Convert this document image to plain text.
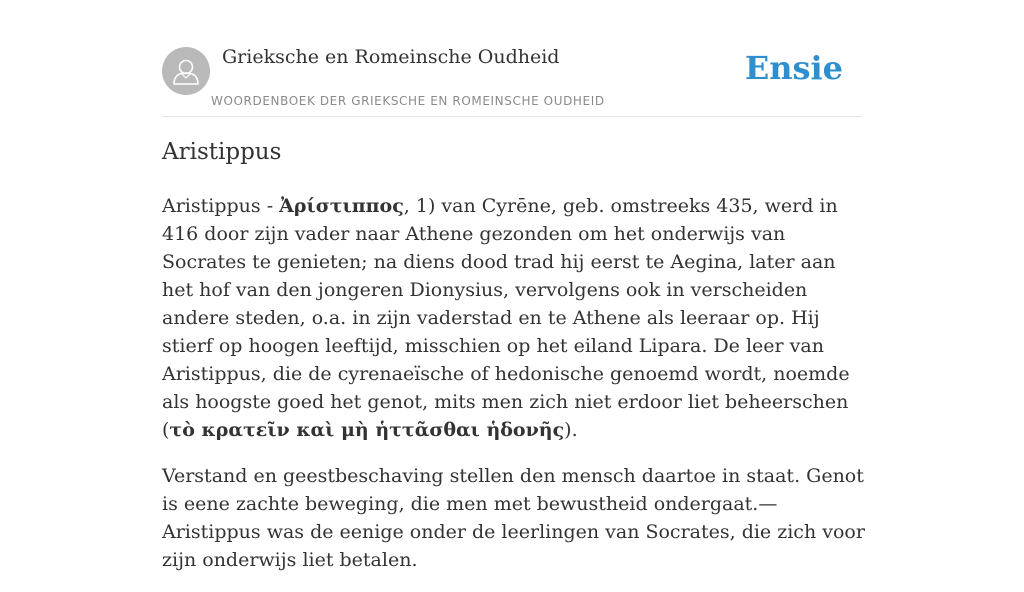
Grieksche en Romeinsche Oudheid
WOORDENBOEK DER GRIEKSCHE EN ROMEINSCHE OUDHEID
Ensie
Aristippus

Aristippus - Ἀρίστιππος, 1) van Cyrēne, geb. omstreeks 435, werd in 416 door zijn vader naar Athene gezonden om het onderwijs van Socrates te genieten; na diens dood trad hij eerst te Aegina, later aan het hof van den jongeren Dionysius, vervolgens ook in verscheiden andere steden, o.a. in zijn vaderstad en te Athene als leeraar op. Hij stierf op hoogen leeftijd, misschien op het eiland Lipara. De leer van Aristippus, die de cyrenaeïsche of hedonische genoemd wordt, noemde als hoogste goed het genot, mits men zich niet erdoor liet beheerschen (τὸ κρατεῖν καὶ μὴ ἡττᾶσθαι ἡδονῆς).

Verstand en geestbeschaving stellen den mensch daartoe in staat. Genot is eene zachte beweging, die men met bewustheid ondergaat.—Aristippus was de eenige onder de leerlingen van Socrates, die zich voor zijn onderwijs liet betalen.
